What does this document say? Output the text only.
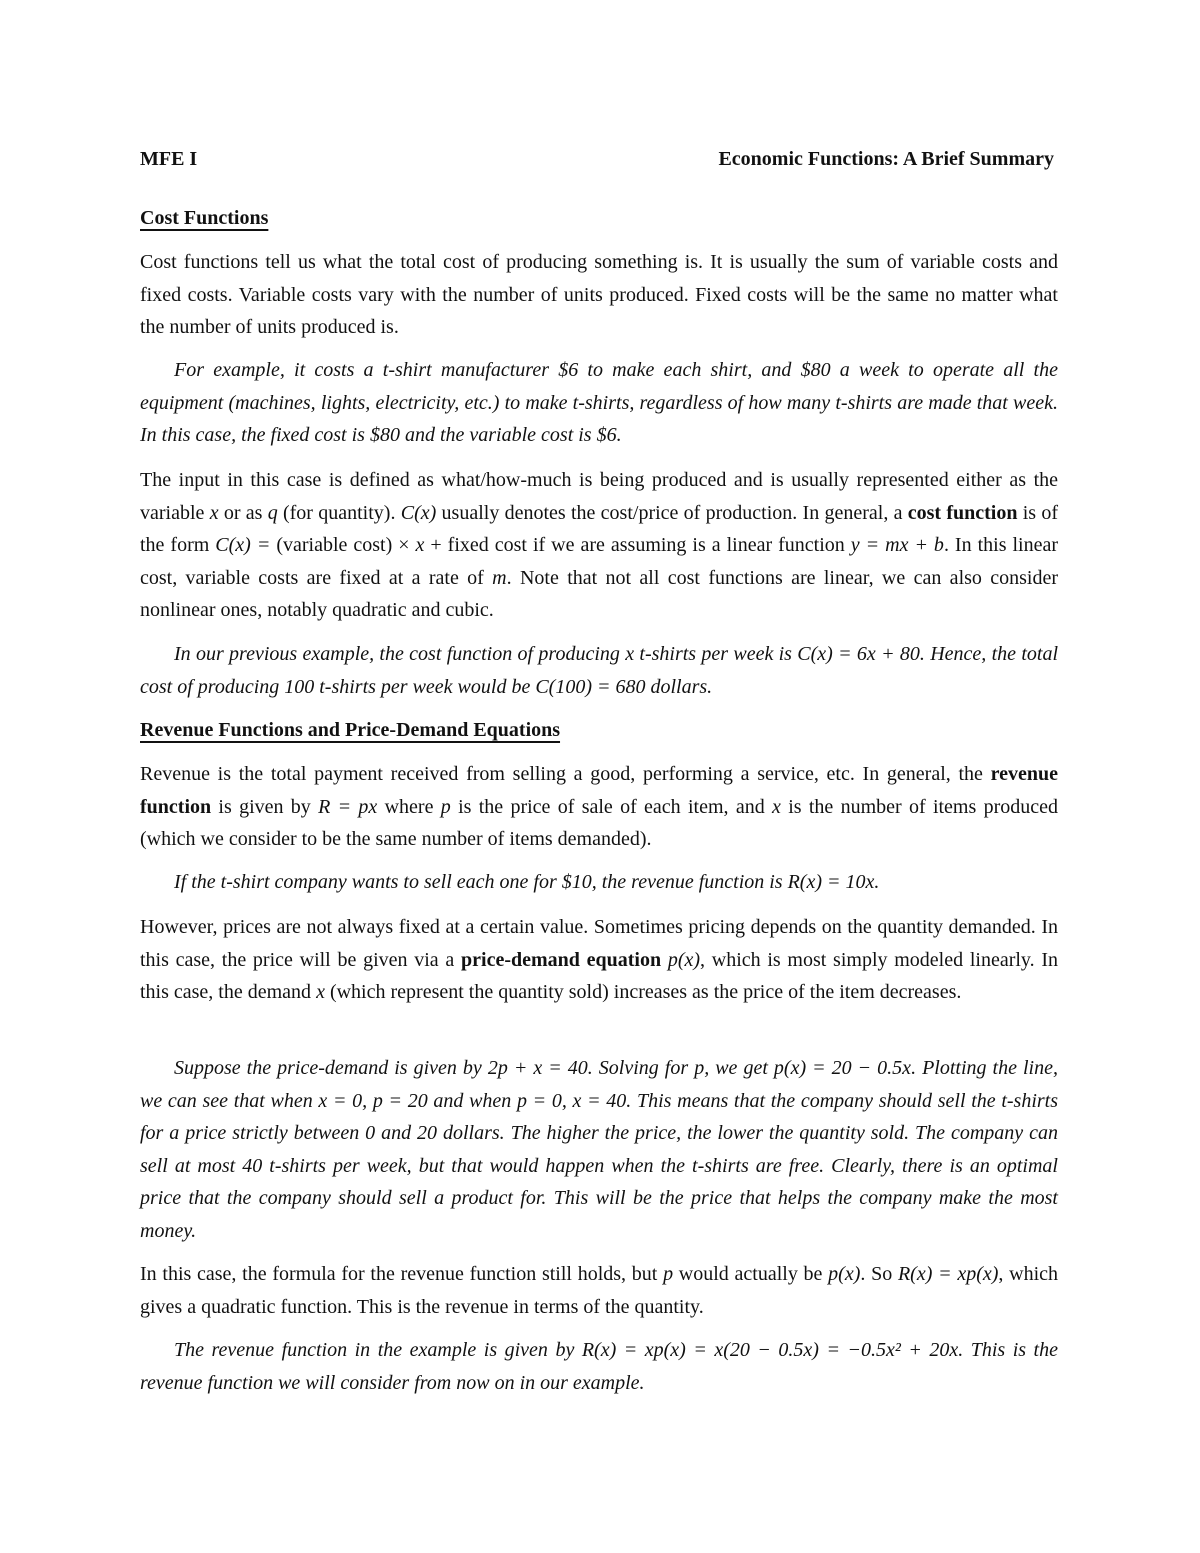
MFE I	Economic Functions: A Brief Summary
Cost Functions

Cost functions tell us what the total cost of producing something is. It is usually the sum of variable costs and fixed costs. Variable costs vary with the number of units produced. Fixed costs will be the same no matter what the number of units produced is.

For example, it costs a t-shirt manufacturer $6 to make each shirt, and $80 a week to operate all the equipment (machines, lights, electricity, etc.) to make t-shirts, regardless of how many t-shirts are made that week. In this case, the fixed cost is $80 and the variable cost is $6.

The input in this case is defined as what/how-much is being produced and is usually represented either as the variable x or as q (for quantity). C(x) usually denotes the cost/price of production. In general, a cost function is of the form C(x) = (variable cost) × x + fixed cost if we are assuming is a linear function y = mx + b. In this linear cost, variable costs are fixed at a rate of m. Note that not all cost functions are linear, we can also consider nonlinear ones, notably quadratic and cubic.

In our previous example, the cost function of producing x t-shirts per week is C(x) = 6x + 80. Hence, the total cost of producing 100 t-shirts per week would be C(100) = 680 dollars.

Revenue Functions and Price-Demand Equations

Revenue is the total payment received from selling a good, performing a service, etc. In general, the revenue function is given by R = px where p is the price of sale of each item, and x is the number of items produced (which we consider to be the same number of items demanded).

If the t-shirt company wants to sell each one for $10, the revenue function is R(x) = 10x.

However, prices are not always fixed at a certain value. Sometimes pricing depends on the quantity demanded. In this case, the price will be given via a price-demand equation p(x), which is most simply modeled linearly. In this case, the demand x (which represent the quantity sold) increases as the price of the item decreases.

Suppose the price-demand is given by 2p + x = 40. Solving for p, we get p(x) = 20 − 0.5x. Plotting the line, we can see that when x = 0, p = 20 and when p = 0, x = 40. This means that the company should sell the t-shirts for a price strictly between 0 and 20 dollars. The higher the price, the lower the quantity sold. The company can sell at most 40 t-shirts per week, but that would happen when the t-shirts are free. Clearly, there is an optimal price that the company should sell a product for. This will be the price that helps the company make the most money.

In this case, the formula for the revenue function still holds, but p would actually be p(x). So R(x) = xp(x), which gives a quadratic function. This is the revenue in terms of the quantity.

The revenue function in the example is given by R(x) = xp(x) = x(20 − 0.5x) = −0.5x² + 20x. This is the revenue function we will consider from now on in our example.
